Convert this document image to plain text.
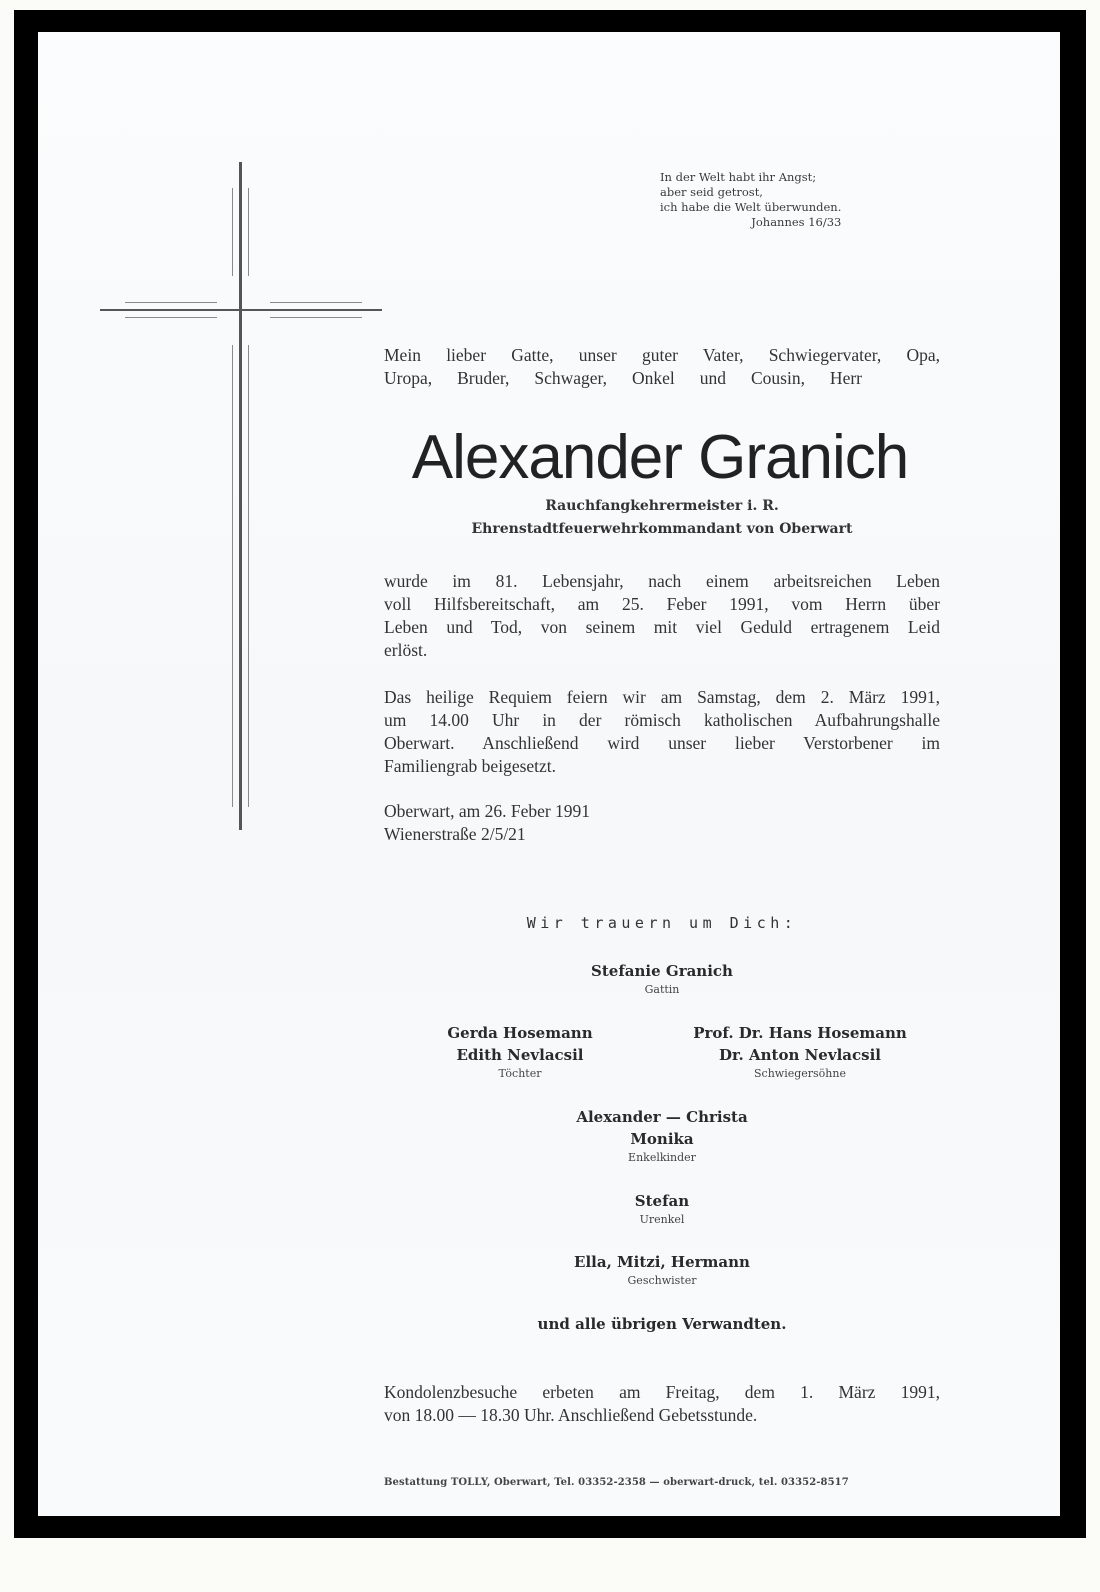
In der Welt habt ihr Angst;
aber seid getrost,
ich habe die Welt überwunden.
Johannes 16/33

Mein lieber Gatte, unser guter Vater, Schwiegervater, Opa,

Uropa, Bruder, Schwager, Onkel und Cousin, Herr

Alexander Granich
Rauchfangkehrermeister i. R.
Ehrenstadtfeuerwehrkommandant von Oberwart

wurde im 81. Lebensjahr, nach einem arbeitsreichen Leben

voll Hilfsbereitschaft, am 25. Feber 1991, vom Herrn über

Leben und Tod, von seinem mit viel Geduld ertragenem Leid

erlöst.

Das heilige Requiem feiern wir am Samstag, dem 2. März 1991,

um 14.00 Uhr in der römisch katholischen Aufbahrungshalle

Oberwart. Anschließend wird unser lieber Verstorbener im

Familiengrab beigesetzt.

Oberwart, am 26. Feber 1991

Wienerstraße 2/5/21

Wir trauern um Dich:
Stefanie Granich
Gattin
Gerda Hosemann
Edith Nevlacsil
Töchter
Prof. Dr. Hans Hosemann
Dr. Anton Nevlacsil
Schwiegersöhne
Alexander — Christa
Monika
Enkelkinder
Stefan
Urenkel
Ella, Mitzi, Hermann
Geschwister
und alle übrigen Verwandten.

Kondolenzbesuche erbeten am Freitag, dem 1. März 1991,

von 18.00 — 18.30 Uhr. Anschließend Gebetsstunde.

Bestattung TOLLY, Oberwart, Tel. 03352-2358 — oberwart-druck, tel. 03352-8517
